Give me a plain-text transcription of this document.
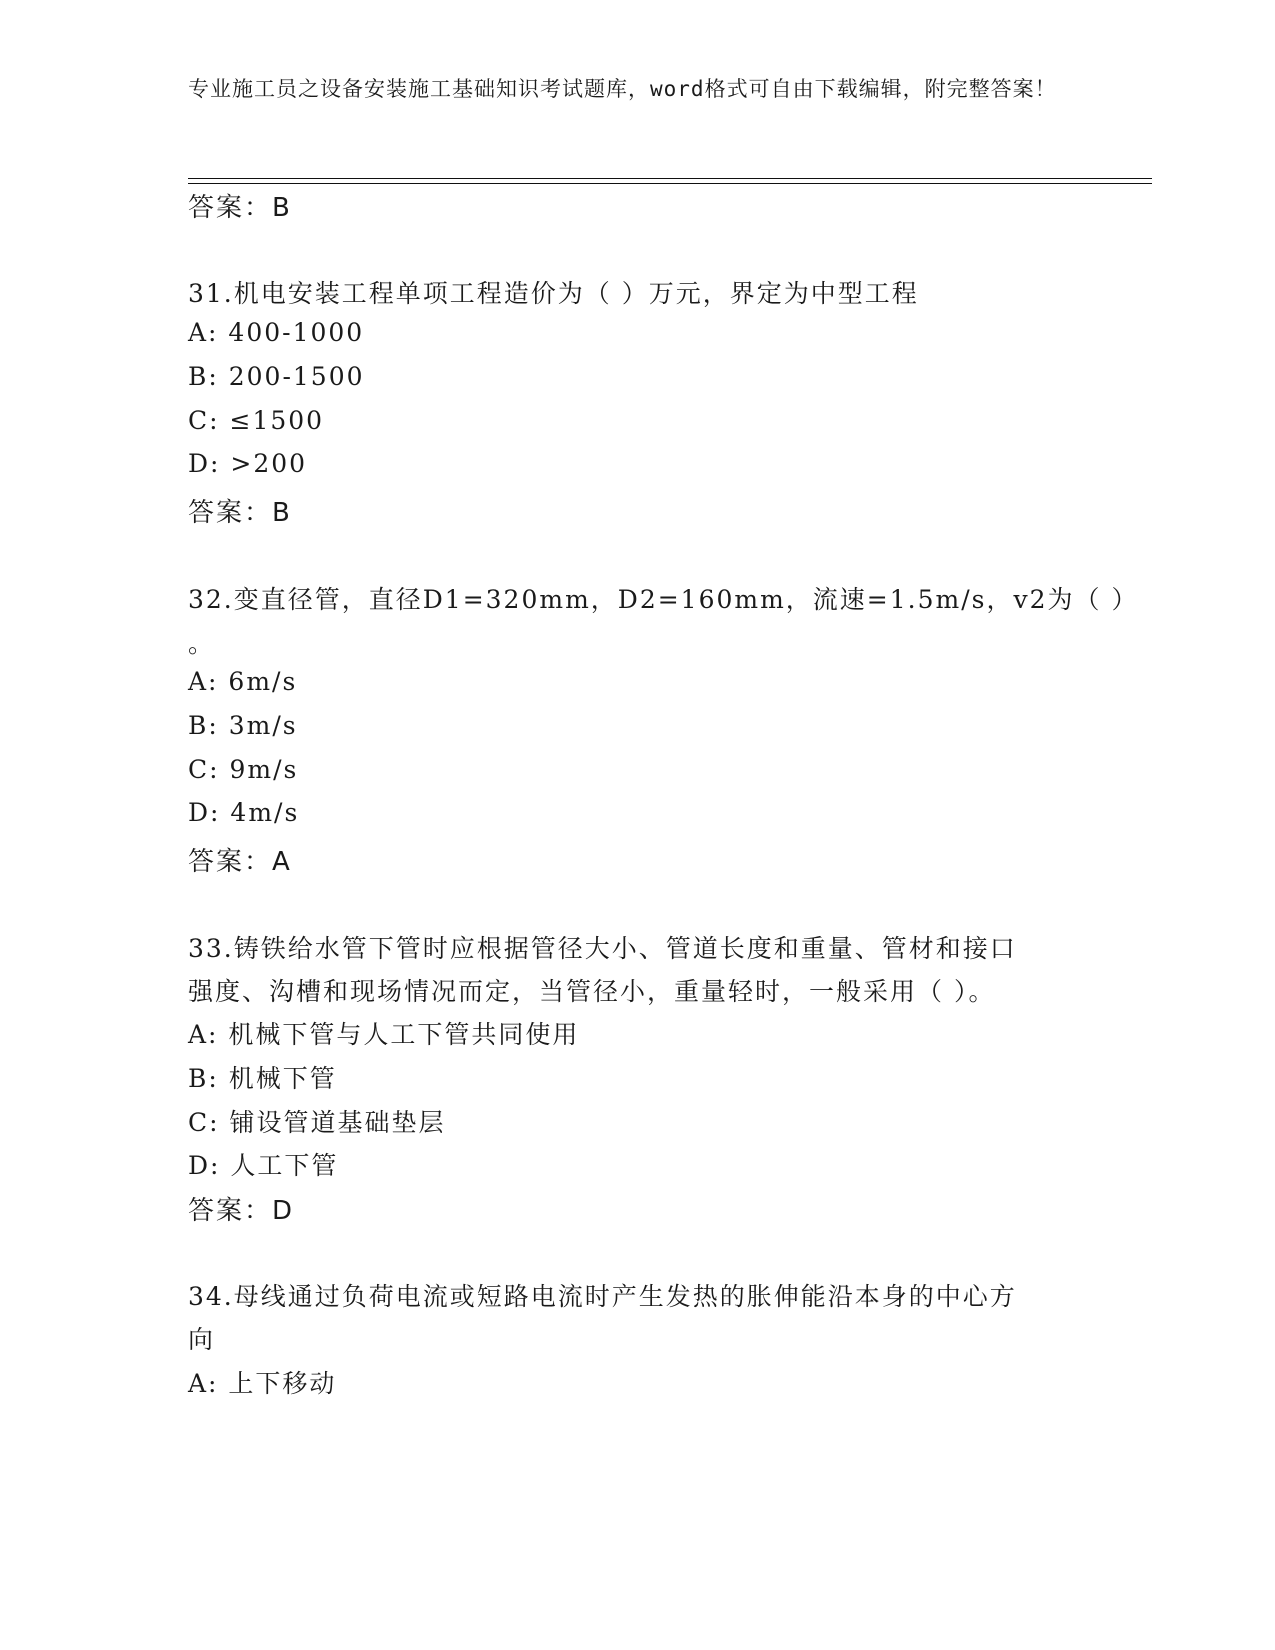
专业施工员之设备安装施工基础知识考试题库，word格式可自由下载编辑，附完整答案！

答案：B

31.机电安装工程单项工程造价为（ ）万元，界定为中型工程

A: 400-1000

B: 200-1500

C: ≤1500

D: >200

答案：B

32.变直径管，直径D1=320mm，D2=160mm，流速=1.5m/s，v2为（ ）

。

A: 6m/s

B: 3m/s

C: 9m/s

D: 4m/s

答案：A

33.铸铁给水管下管时应根据管径大小、管道长度和重量、管材和接口

强度、沟槽和现场情况而定，当管径小，重量轻时，一般采用（ ）。

A: 机械下管与人工下管共同使用

B: 机械下管

C: 铺设管道基础垫层

D: 人工下管

答案：D

34.母线通过负荷电流或短路电流时产生发热的胀伸能沿本身的中心方

向

A: 上下移动
